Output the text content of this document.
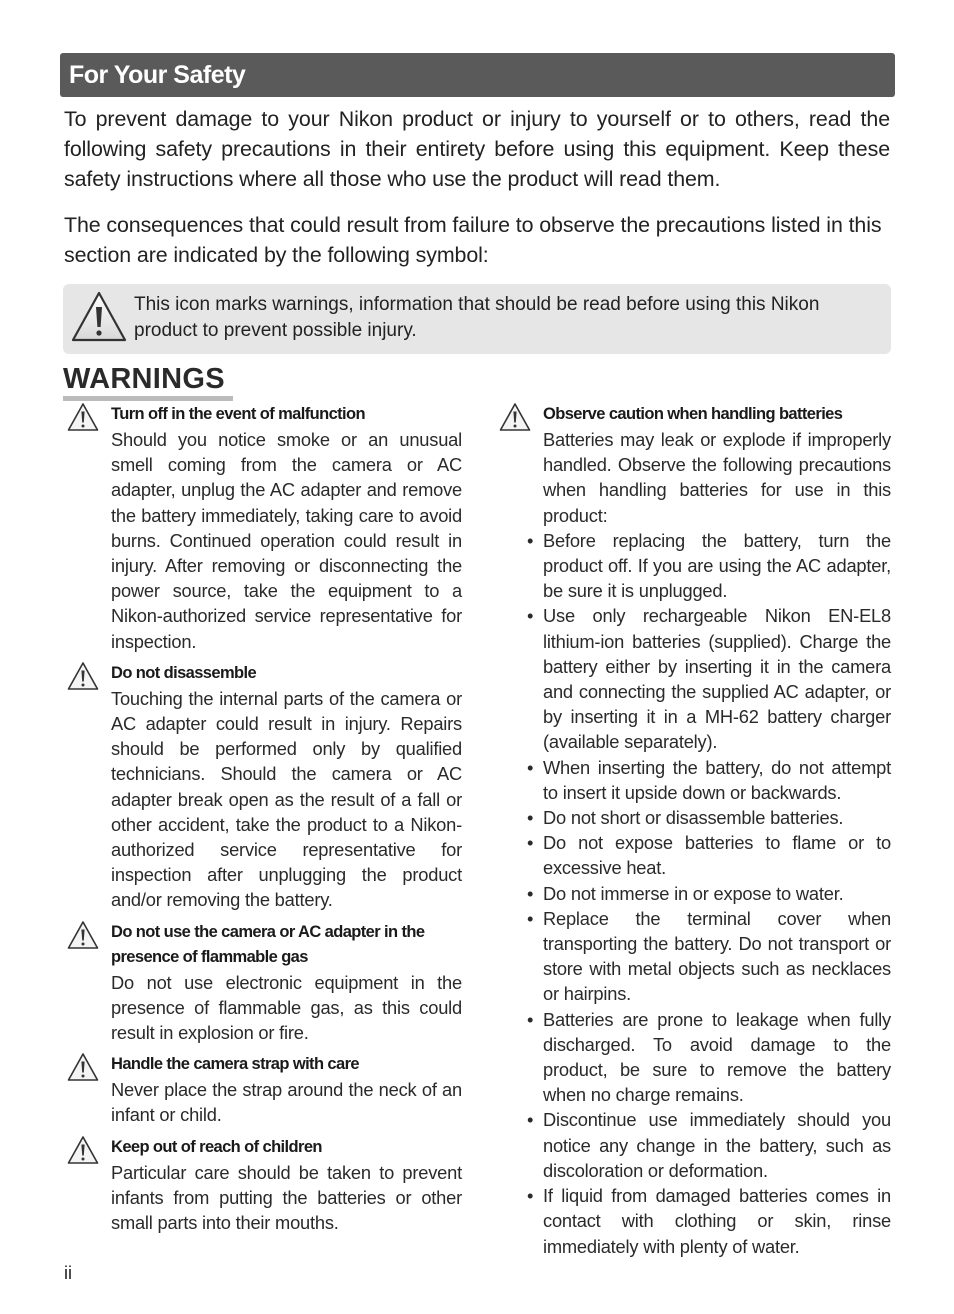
For Your Safety

To prevent damage to your Nikon product or injury to yourself or to others, read the following safety precautions in their entirety before using this equipment. Keep these safety instructions where all those who use the product will read them.

The consequences that could result from failure to observe the precautions listed in this section are indicated by the following symbol:

This icon marks warnings, information that should be read before using this Nikon product to prevent possible injury.

WARNINGS

Turn off in the event of malfunction

Should you notice smoke or an unusual smell coming from the camera or AC adapter, unplug the AC adapter and remove the battery immediately, taking care to avoid burns. Continued operation could result in injury. After removing or disconnecting the power source, take the equipment to a Nikon-authorized service representative for inspection.

Do not disassemble

Touching the internal parts of the camera or AC adapter could result in injury. Repairs should be performed only by qualified technicians. Should the camera or AC adapter break open as the result of a fall or other accident, take the product to a Nikon-authorized service representative for inspection after unplugging the product and/or removing the battery.

Do not use the camera or AC adapter in the presence of flammable gas

Do not use electronic equipment in the presence of flammable gas, as this could result in explosion or fire.

Handle the camera strap with care

Never place the strap around the neck of an infant or child.

Keep out of reach of children

Particular care should be taken to prevent infants from putting the batteries or other small parts into their mouths.

Observe caution when handling batteries

Batteries may leak or explode if improperly handled. Observe the following precautions when handling batteries for use in this product:

• Before replacing the battery, turn the product off. If you are using the AC adapter, be sure it is unplugged.
• Use only rechargeable Nikon EN-EL8 lithium-ion batteries (supplied). Charge the battery either by inserting it in the camera and connecting the supplied AC adapter, or by inserting it in a MH-62 battery charger (available separately).
• When inserting the battery, do not attempt to insert it upside down or backwards.
• Do not short or disassemble batteries.
• Do not expose batteries to flame or to excessive heat.
• Do not immerse in or expose to water.
• Replace the terminal cover when transporting the battery. Do not transport or store with metal objects such as necklaces or hairpins.
• Batteries are prone to leakage when fully discharged. To avoid damage to the product, be sure to remove the battery when no charge remains.
• Discontinue use immediately should you notice any change in the battery, such as discoloration or deformation.
• If liquid from damaged batteries comes in contact with clothing or skin, rinse immediately with plenty of water.
ii
